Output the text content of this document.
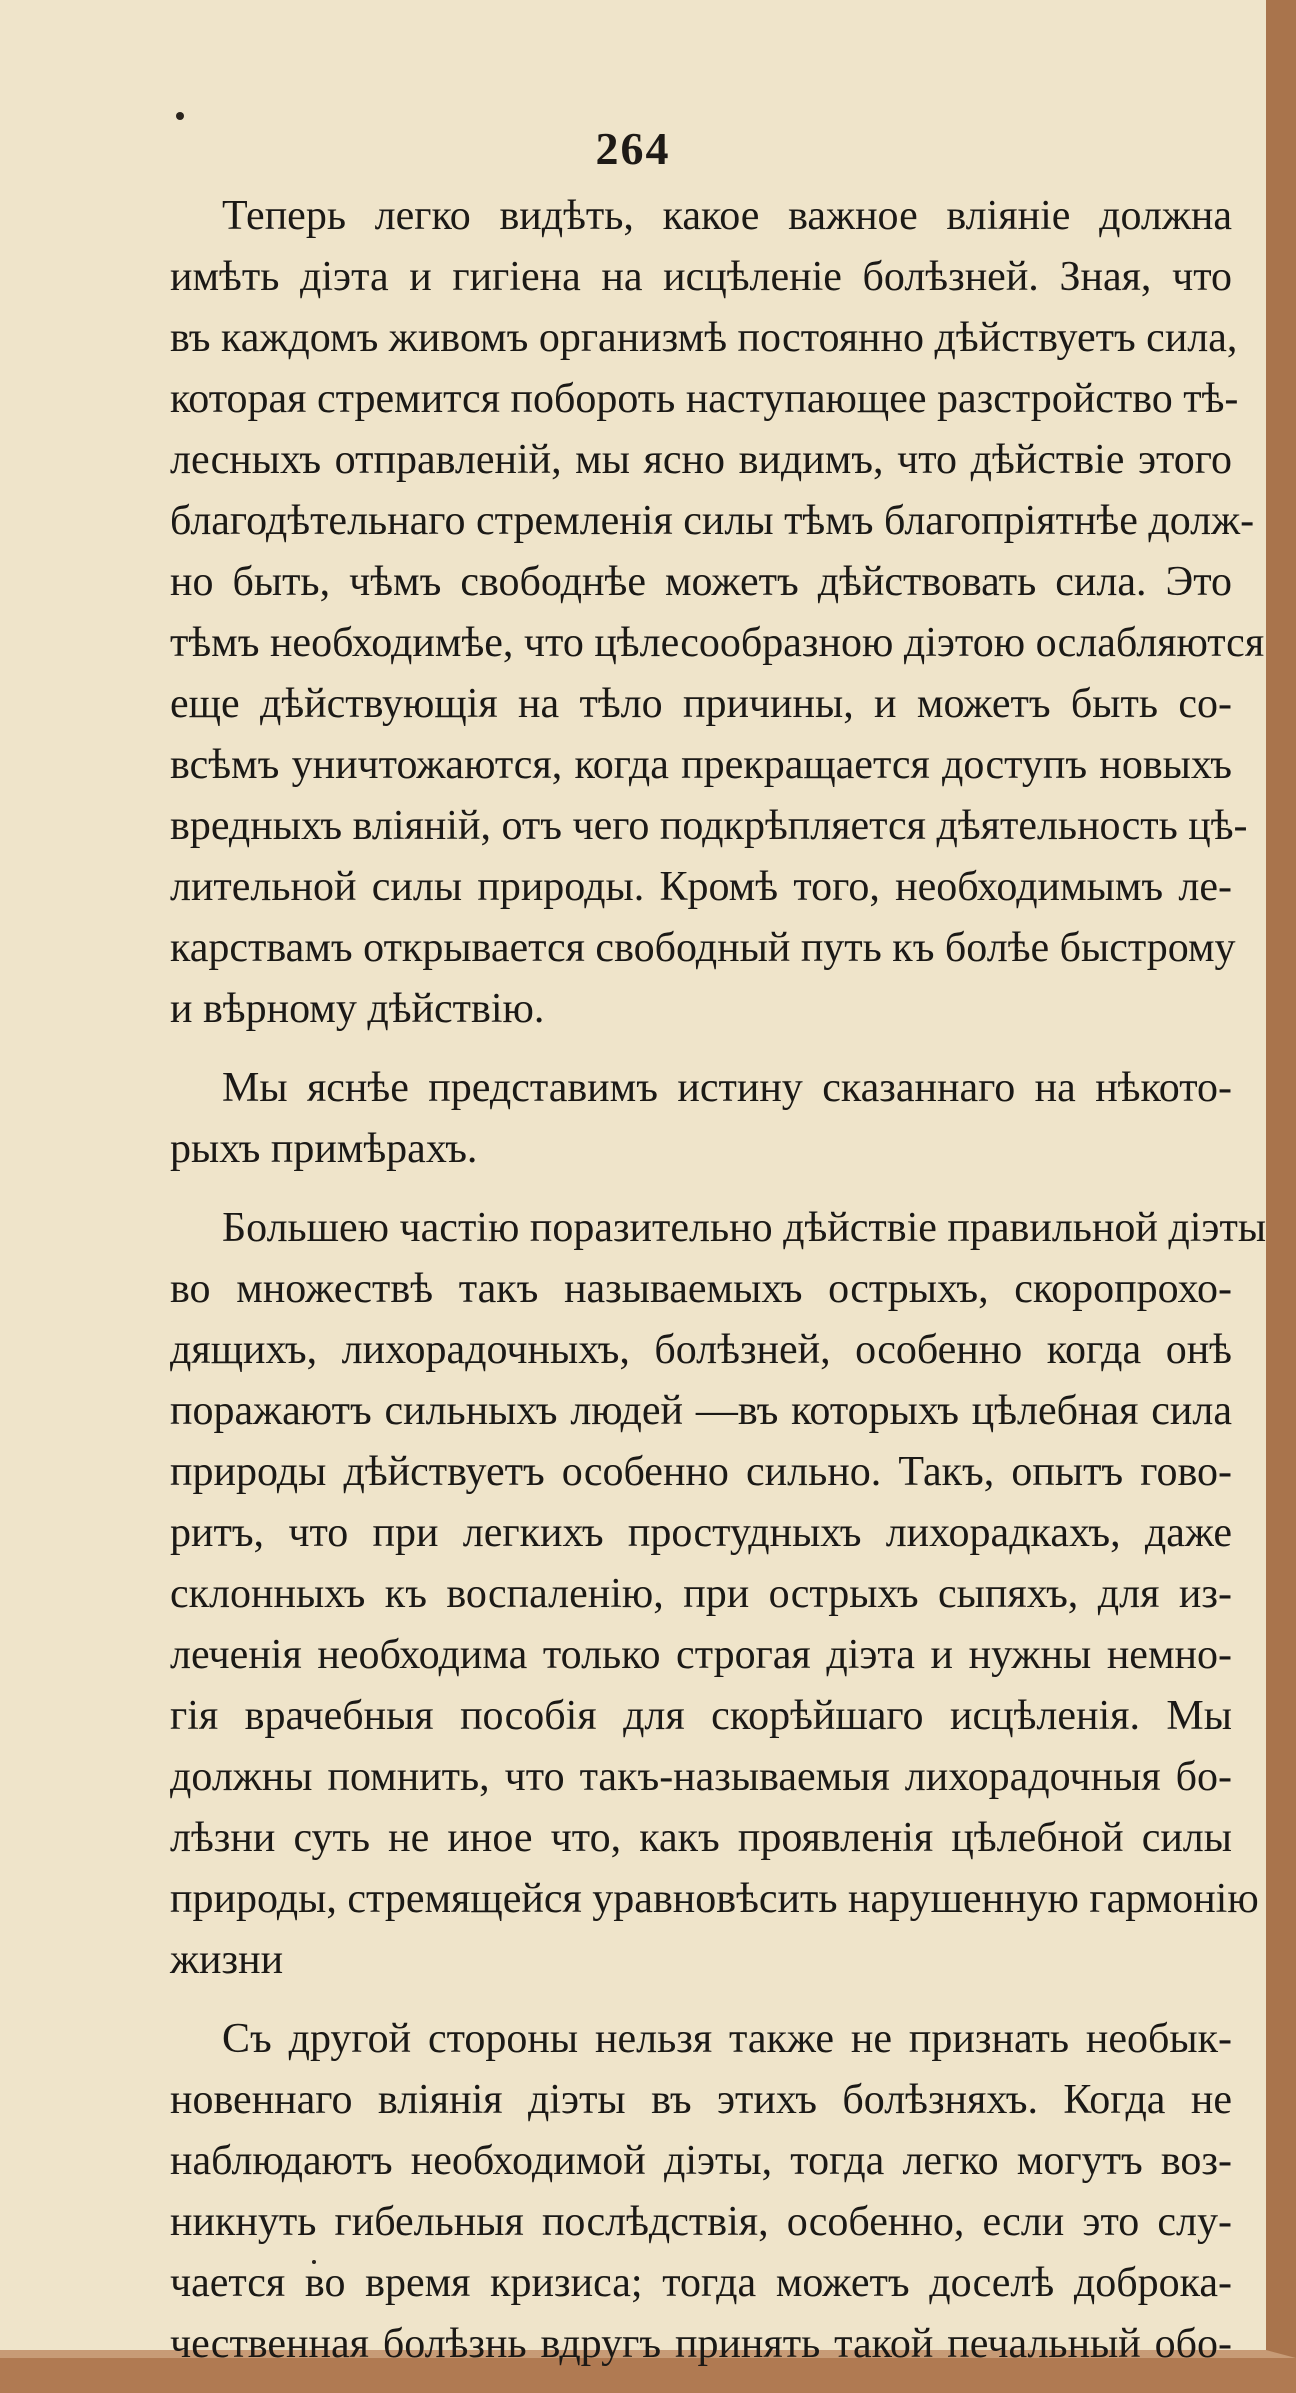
264
Теперь легко видѣть, какое важное вліяніе должна
имѣть діэта и гигіена на исцѣленіе болѣзней. Зная, что
въ каждомъ живомъ организмѣ постоянно дѣйствуетъ сила,
которая стремится побороть наступающее разстройство тѣ-
лесныхъ отправленій, мы ясно видимъ, что дѣйствіе этого
благодѣтельнаго стремленія силы тѣмъ благопріятнѣе долж-
но быть, чѣмъ свободнѣе можетъ дѣйствовать сила. Это
тѣмъ необходимѣе, что цѣлесообразною діэтою ослабляются
еще дѣйствующія на тѣло причины, и можетъ быть со-
всѣмъ уничтожаются, когда прекращается доступъ новыхъ
вредныхъ вліяній, отъ чего подкрѣпляется дѣятельность цѣ-
лительной силы природы. Кромѣ того, необходимымъ ле-
карствамъ открывается свободный путь къ болѣе быстрому
и вѣрному дѣйствію.
Мы яснѣе представимъ истину сказаннаго на нѣкото-
рыхъ примѣрахъ.
Большею частію поразительно дѣйствіе правильной діэты
во множествѣ такъ называемыхъ острыхъ, скоропрохо-
дящихъ, лихорадочныхъ, болѣзней, особенно когда онѣ
поражаютъ сильныхъ людей —въ которыхъ цѣлебная сила
природы дѣйствуетъ особенно сильно. Такъ, опытъ гово-
ритъ, что при легкихъ простудныхъ лихорадкахъ, даже
склонныхъ къ воспаленію, при острыхъ сыпяхъ, для из-
леченія необходима только строгая діэта и нужны немно-
гія врачебныя пособія для скорѣйшаго исцѣленія. Мы
должны помнить, что такъ-называемыя лихорадочныя бо-
лѣзни суть не иное что, какъ проявленія цѣлебной силы
природы, стремящейся уравновѣсить нарушенную гармонію
жизни
Съ другой стороны нельзя также не признать необык-
новеннаго вліянія діэты въ этихъ болѣзняхъ. Когда не
наблюдаютъ необходимой діэты, тогда легко могутъ воз-
никнуть гибельныя послѣдствія, особенно, если это слу-
чается во время кризиса; тогда можетъ доселѣ доброка-
чественная болѣзнь вдругъ принять такой печальный обо-
